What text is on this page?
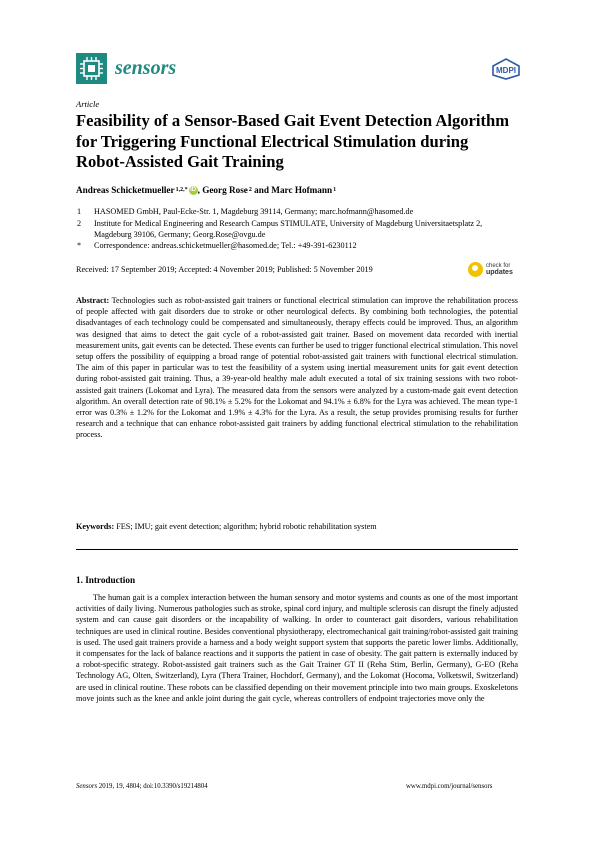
sensors	MDPI
Article
Feasibility of a Sensor-Based Gait Event Detection Algorithm for Triggering Functional Electrical Stimulation during Robot-Assisted Gait Training
Andreas Schicketmueller 1,2,* iD , Georg Rose 2 and Marc Hofmann 1
1 HASOMED GmbH, Paul-Ecke-Str. 1, Magdeburg 39114, Germany; marc.hofmann@hasomed.de
2 Institute for Medical Engineering and Research Campus STIMULATE, University of Magdeburg Universitaetsplatz 2, Magdeburg 39106, Germany; Georg.Rose@ovgu.de
* Correspondence: andreas.schicketmueller@hasomed.de; Tel.: +49-391-6230112
Received: 17 September 2019; Accepted: 4 November 2019; Published: 5 November 2019	check for
updates
Abstract: Technologies such as robot-assisted gait trainers or functional electrical stimulation can improve the rehabilitation process of people affected with gait disorders due to stroke or other neurological defects. By combining both technologies, the potential disadvantages of each technology could be compensated and simultaneously, therapy effects could be improved. Thus, an algorithm was designed that aims to detect the gait cycle of a robot-assisted gait trainer. Based on movement data recorded with inertial measurement units, gait events can be detected. These events can further be used to trigger functional electrical stimulation. This novel setup offers the possibility of equipping a broad range of potential robot-assisted gait trainers with functional electrical stimulation. The aim of this paper in particular was to test the feasibility of a system using inertial measurement units for gait event detection during robot-assisted gait training. Thus, a 39-year-old healthy male adult executed a total of six training sessions with two robot-assisted gait trainers (Lokomat and Lyra). The measured data from the sensors were analyzed by a custom-made gait event detection algorithm. An overall detection rate of 98.1% ± 5.2% for the Lokomat and 94.1% ± 6.8% for the Lyra was achieved. The mean type-1 error was 0.3% ± 1.2% for the Lokomat and 1.9% ± 4.3% for the Lyra. As a result, the setup provides promising results for further research and a technique that can enhance robot-assisted gait trainers by adding functional electrical stimulation to the rehabilitation process.
Keywords: FES; IMU; gait event detection; algorithm; hybrid robotic rehabilitation system
1. Introduction
The human gait is a complex interaction between the human sensory and motor systems and counts as one of the most important activities of daily living. Numerous pathologies such as stroke, spinal cord injury, and multiple sclerosis can disrupt the finely adjusted system and can cause gait disorders or the incapability of walking. In order to counteract gait disorders, various rehabilitation techniques are used in clinical routine. Besides conventional physiotherapy, electromechanical gait training/robot-assisted gait training is used. The used gait trainers provide a harness and a body weight support system that supports the paretic lower limbs. Additionally, it compensates for the lack of balance reactions and it supports the patient in case of obesity. The gait pattern is externally induced by a robot-specific strategy. Robot-assisted gait trainers such as the Gait Trainer GT II (Reha Stim, Berlin, Germany), G-EO (Reha Technology AG, Olten, Switzerland), Lyra (Thera Trainer, Hochdorf, Germany), and the Lokomat (Hocoma, Volketswil, Switzerland) are used in clinical routine. These robots can be classified depending on their movement principle into two main groups. Exoskeletons move joints such as the knee and ankle joint during the gait cycle, whereas controllers of endpoint trajectories move only the
Sensors 2019, 19, 4804; doi:10.3390/s19214804	www.mdpi.com/journal/sensors
